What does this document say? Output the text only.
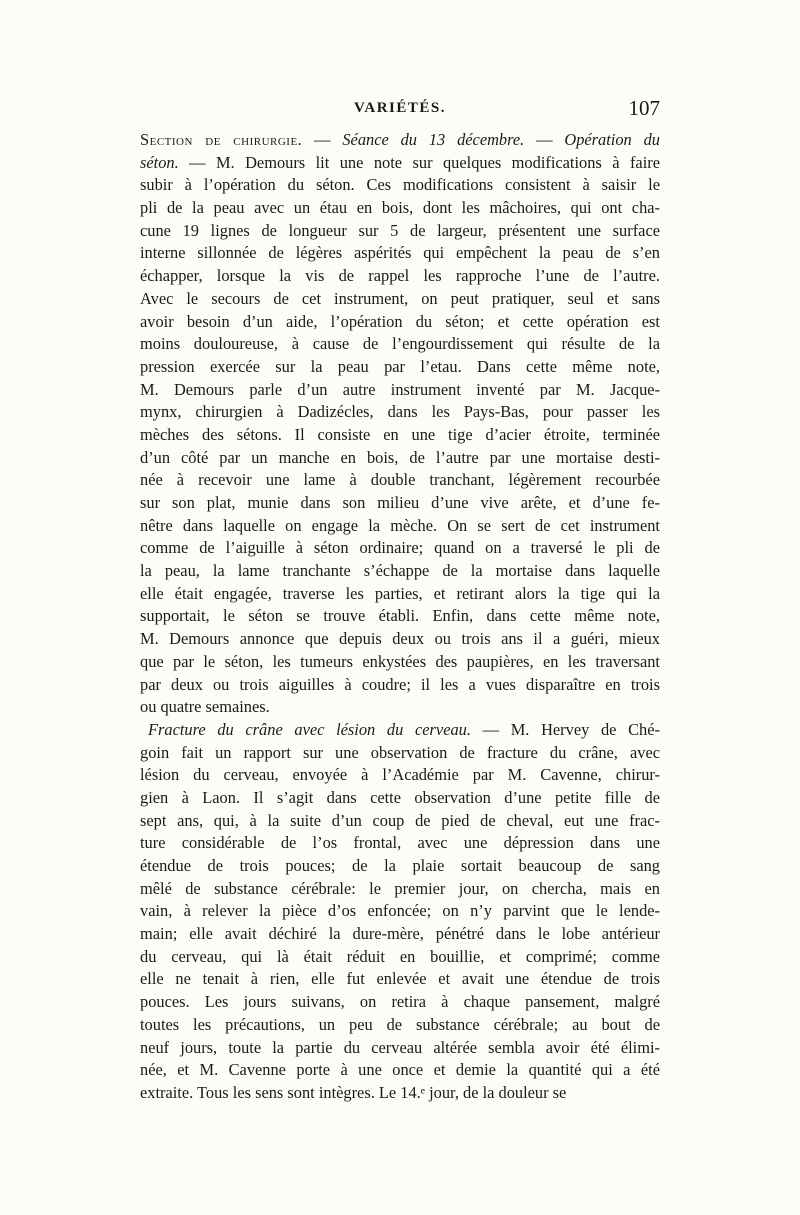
VARIÉTÉS.	107
Section de chirurgie. — Séance du 13 décembre. — Opération du
séton. — M. Demours lit une note sur quelques modifications à faire
subir à l’opération du séton. Ces modifications consistent à saisir le
pli de la peau avec un étau en bois, dont les mâchoires, qui ont cha-
cune 19 lignes de longueur sur 5 de largeur, présentent une surface
interne sillonnée de légères aspérités qui empêchent la peau de s’en
échapper, lorsque la vis de rappel les rapproche l’une de l’autre.
Avec le secours de cet instrument, on peut pratiquer, seul et sans
avoir besoin d’un aide, l’opération du séton; et cette opération est
moins douloureuse, à cause de l’engourdissement qui résulte de la
pression exercée sur la peau par l’etau. Dans cette même note,
M. Demours parle d’un autre instrument inventé par M. Jacque-
mynx, chirurgien à Dadizécles, dans les Pays-Bas, pour passer les
mèches des sétons. Il consiste en une tige d’acier étroite, terminée
d’un côté par un manche en bois, de l’autre par une mortaise desti-
née à recevoir une lame à double tranchant, légèrement recourbée
sur son plat, munie dans son milieu d’une vive arête, et d’une fe-
nêtre dans laquelle on engage la mèche. On se sert de cet instrument
comme de l’aiguille à séton ordinaire; quand on a traversé le pli de
la peau, la lame tranchante s’échappe de la mortaise dans laquelle
elle était engagée, traverse les parties, et retirant alors la tige qui la
supportait, le séton se trouve établi. Enfin, dans cette même note,
M. Demours annonce que depuis deux ou trois ans il a guéri, mieux
que par le séton, les tumeurs enkystées des paupières, en les traversant
par deux ou trois aiguilles à coudre; il les a vues disparaître en trois
ou quatre semaines.
Fracture du crâne avec lésion du cerveau. — M. Hervey de Ché-
goin fait un rapport sur une observation de fracture du crâne, avec
lésion du cerveau, envoyée à l’Académie par M. Cavenne, chirur-
gien à Laon. Il s’agit dans cette observation d’une petite fille de
sept ans, qui, à la suite d’un coup de pied de cheval, eut une frac-
ture considérable de l’os frontal, avec une dépression dans une
étendue de trois pouces; de la plaie sortait beaucoup de sang
mêlé de substance cérébrale: le premier jour, on chercha, mais en
vain, à relever la pièce d’os enfoncée; on n’y parvint que le lende-
main; elle avait déchiré la dure-mère, pénétré dans le lobe antérieur
du cerveau, qui là était réduit en bouillie, et comprimé; comme
elle ne tenait à rien, elle fut enlevée et avait une étendue de trois
pouces. Les jours suivans, on retira à chaque pansement, malgré
toutes les précautions, un peu de substance cérébrale; au bout de
neuf jours, toute la partie du cerveau altérée sembla avoir été élimi-
née, et M. Cavenne porte à une once et demie la quantité qui a été
extraite. Tous les sens sont intègres. Le 14.ᵉ jour, de la douleur se
